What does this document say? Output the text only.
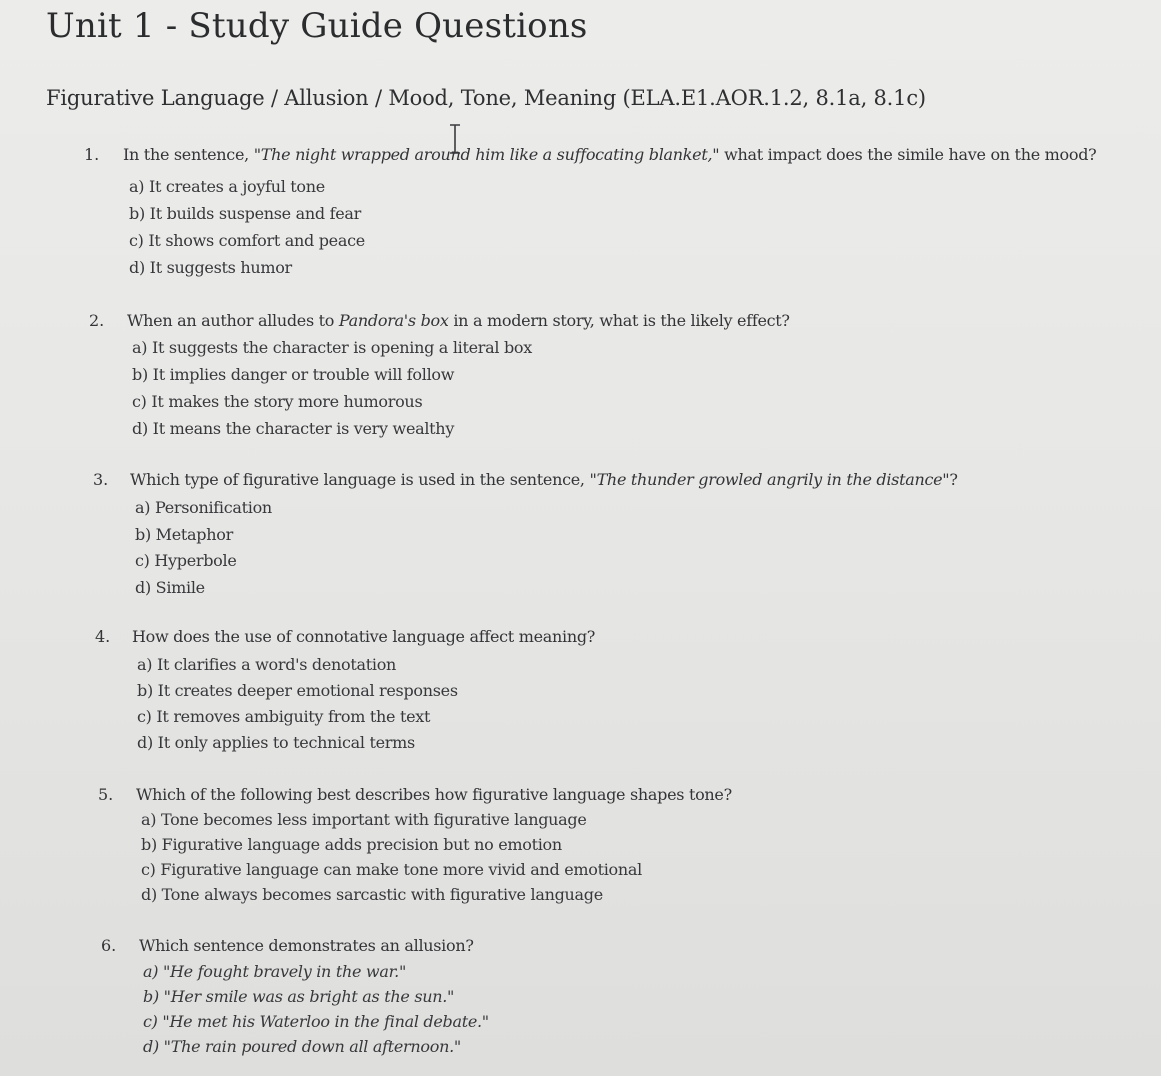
Unit 1 - Study Guide Questions
Figurative Language / Allusion / Mood, Tone, Meaning (ELA.E1.AOR.1.2, 8.1a, 8.1c)
1. In the sentence, "The night wrapped around him like a suffocating blanket," what impact does the simile have on the mood?
a) It creates a joyful tone
b) It builds suspense and fear
c) It shows comfort and peace
d) It suggests humor
2. When an author alludes to Pandora's box in a modern story, what is the likely effect?
a) It suggests the character is opening a literal box
b) It implies danger or trouble will follow
c) It makes the story more humorous
d) It means the character is very wealthy
3. Which type of figurative language is used in the sentence, "The thunder growled angrily in the distance"?
a) Personification
b) Metaphor
c) Hyperbole
d) Simile
4. How does the use of connotative language affect meaning?
a) It clarifies a word's denotation
b) It creates deeper emotional responses
c) It removes ambiguity from the text
d) It only applies to technical terms
5. Which of the following best describes how figurative language shapes tone?
a) Tone becomes less important with figurative language
b) Figurative language adds precision but no emotion
c) Figurative language can make tone more vivid and emotional
d) Tone always becomes sarcastic with figurative language
6. Which sentence demonstrates an allusion?
a) "He fought bravely in the war."
b) "Her smile was as bright as the sun."
c) "He met his Waterloo in the final debate."
d) "The rain poured down all afternoon."
